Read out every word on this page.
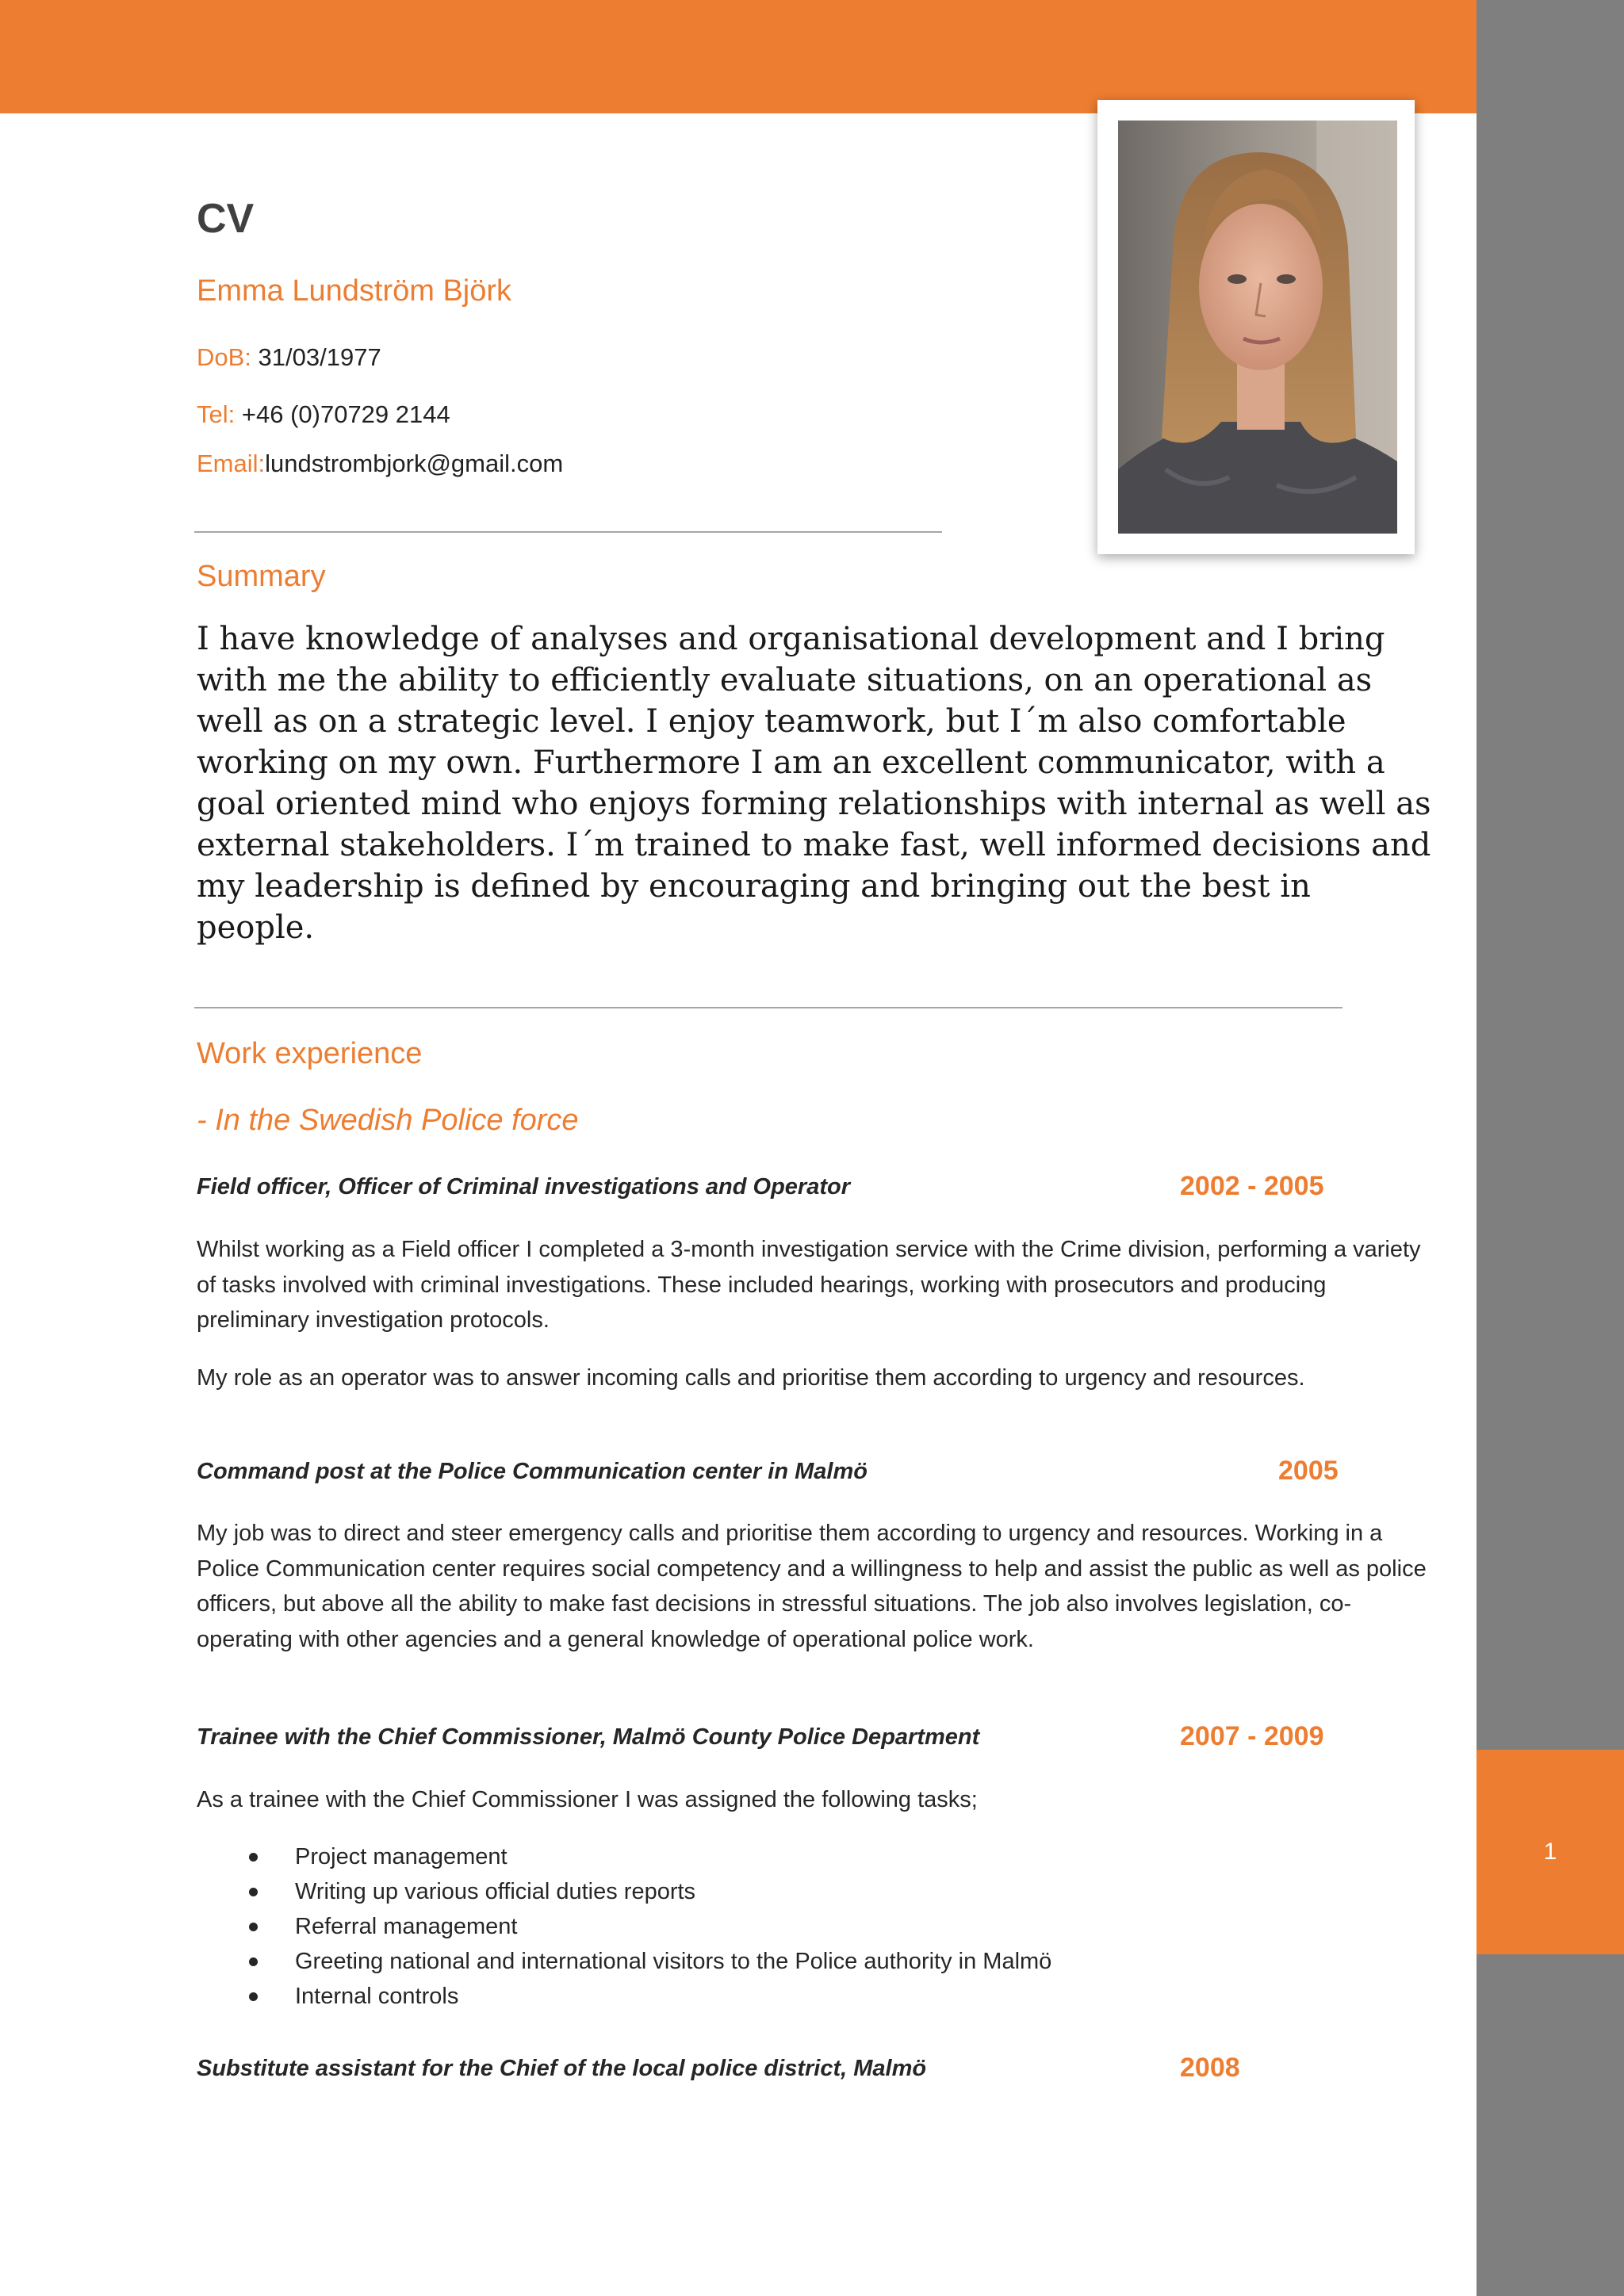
1
CV
Emma Lundström Björk
DoB: 31/03/1977
Tel: +46 (0)70729 2144
Email:lundstrombjork@gmail.com
Summary

I have knowledge of analyses and organisational development and I bring with me the ability to efficiently evaluate situations, on an operational as well as on a strategic level. I enjoy teamwork, but I´m also comfortable working on my own. Furthermore I am an excellent communicator, with a goal oriented mind who enjoys forming relationships with internal as well as external stakeholders. I´m trained to make fast, well informed decisions and my leadership is defined by encouraging and bringing out the best in people.

Work experience
- In the Swedish Police force
Field officer, Officer of Criminal investigations and Operator	2002 - 2005

Whilst working as a Field officer I completed a 3-month investigation service with the Crime division, performing a variety of tasks involved with criminal investigations. These included hearings, working with prosecutors and producing preliminary investigation protocols.

My role as an operator was to answer incoming calls and prioritise them according to urgency and resources.

Command post at the Police Communication center in Malmö	2005

My job was to direct and steer emergency calls and prioritise them according to urgency and resources. Working in a Police Communication center requires social competency and a willingness to help and assist the public as well as police officers, but above all the ability to make fast decisions in stressful situations. The job also involves legislation, co-operating with other agencies and a general knowledge of operational police work.

Trainee with the Chief Commissioner, Malmö County Police Department	2007 - 2009

As a trainee with the Chief Commissioner I was assigned the following tasks;

Project management
Writing up various official duties reports
Referral management
Greeting national and international visitors to the Police authority in Malmö
Internal controls
Substitute assistant for the Chief of the local police district, Malmö	2008
